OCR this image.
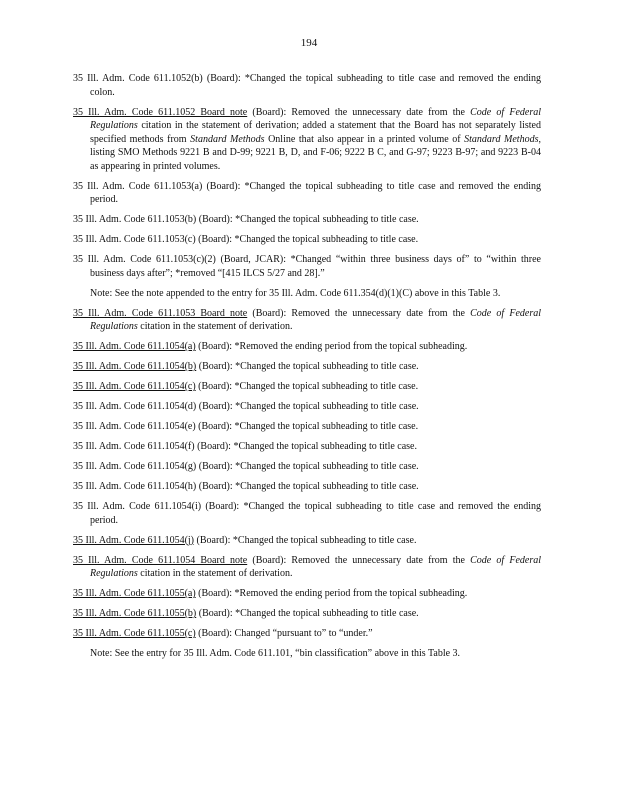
194
35 Ill. Adm. Code 611.1052(b) (Board): *Changed the topical subheading to title case and removed the ending colon.
35 Ill. Adm. Code 611.1052 Board note (Board): Removed the unnecessary date from the Code of Federal Regulations citation in the statement of derivation; added a statement that the Board has not separately listed specified methods from Standard Methods Online that also appear in a printed volume of Standard Methods, listing SMO Methods 9221 B and D-99; 9221 B, D, and F-06; 9222 B C, and G-97; 9223 B-97; and 9223 B-04 as appearing in printed volumes.
35 Ill. Adm. Code 611.1053(a) (Board): *Changed the topical subheading to title case and removed the ending period.
35 Ill. Adm. Code 611.1053(b) (Board): *Changed the topical subheading to title case.
35 Ill. Adm. Code 611.1053(c) (Board): *Changed the topical subheading to title case.
35 Ill. Adm. Code 611.1053(c)(2) (Board, JCAR): *Changed “within three business days of” to “within three business days after”; *removed “[415 ILCS 5/27 and 28].”
Note: See the note appended to the entry for 35 Ill. Adm. Code 611.354(d)(1)(C) above in this Table 3.
35 Ill. Adm. Code 611.1053 Board note (Board): Removed the unnecessary date from the Code of Federal Regulations citation in the statement of derivation.
35 Ill. Adm. Code 611.1054(a) (Board): *Removed the ending period from the topical subheading.
35 Ill. Adm. Code 611.1054(b) (Board): *Changed the topical subheading to title case.
35 Ill. Adm. Code 611.1054(c) (Board): *Changed the topical subheading to title case.
35 Ill. Adm. Code 611.1054(d) (Board): *Changed the topical subheading to title case.
35 Ill. Adm. Code 611.1054(e) (Board): *Changed the topical subheading to title case.
35 Ill. Adm. Code 611.1054(f) (Board): *Changed the topical subheading to title case.
35 Ill. Adm. Code 611.1054(g) (Board): *Changed the topical subheading to title case.
35 Ill. Adm. Code 611.1054(h) (Board): *Changed the topical subheading to title case.
35 Ill. Adm. Code 611.1054(i) (Board): *Changed the topical subheading to title case and removed the ending period.
35 Ill. Adm. Code 611.1054(j) (Board): *Changed the topical subheading to title case.
35 Ill. Adm. Code 611.1054 Board note (Board): Removed the unnecessary date from the Code of Federal Regulations citation in the statement of derivation.
35 Ill. Adm. Code 611.1055(a) (Board): *Removed the ending period from the topical subheading.
35 Ill. Adm. Code 611.1055(b) (Board): *Changed the topical subheading to title case.
35 Ill. Adm. Code 611.1055(c) (Board): Changed “pursuant to” to “under.”
Note: See the entry for 35 Ill. Adm. Code 611.101, “bin classification” above in this Table 3.
